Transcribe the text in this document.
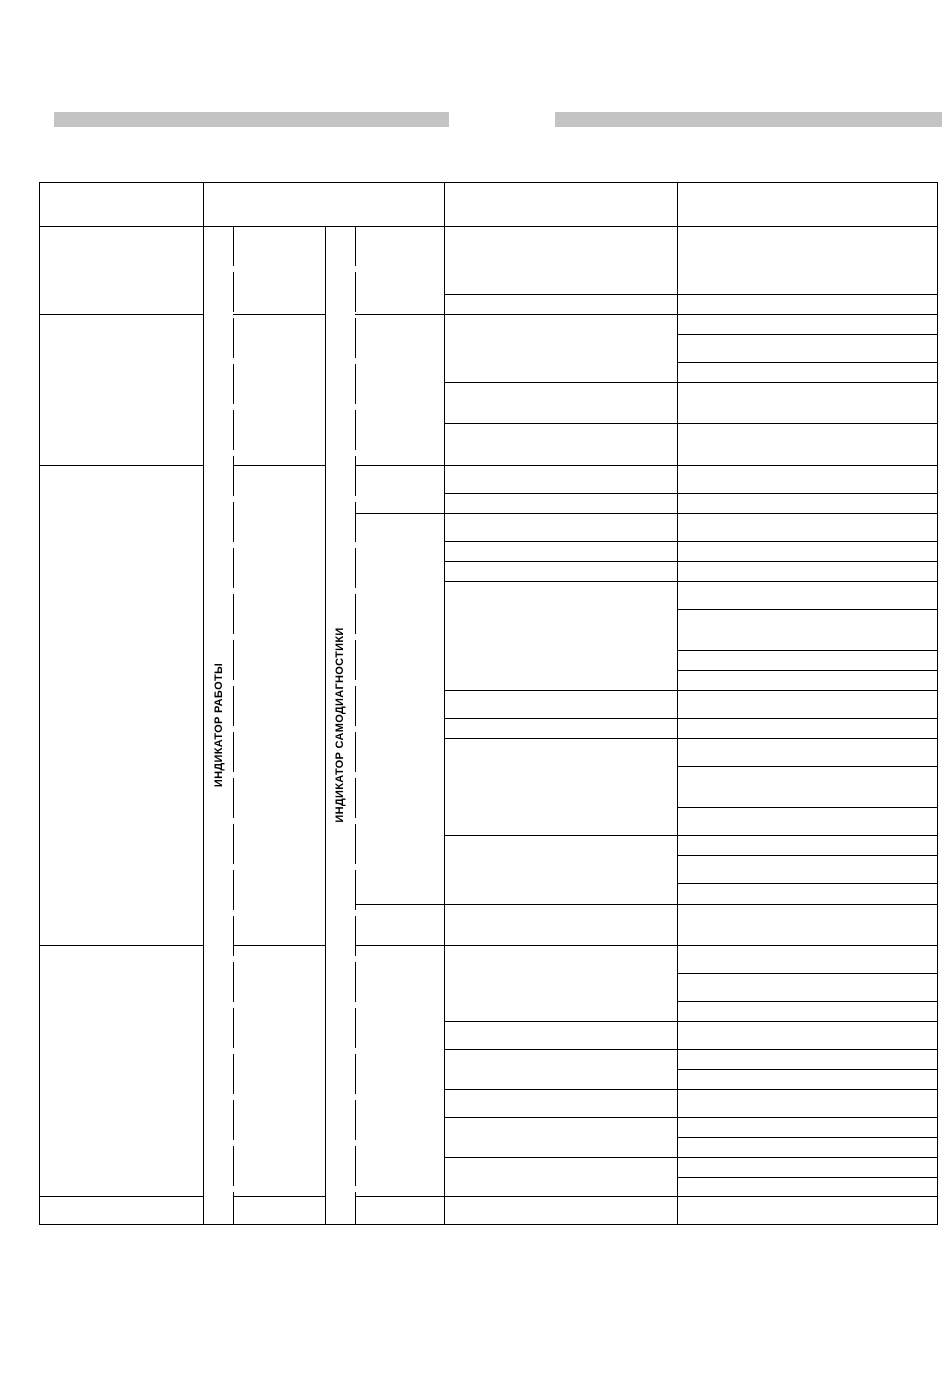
ИНДИКАТОР РАБОТЫ	ИНДИКАТОР САМОДИАГНОСТИКИ
